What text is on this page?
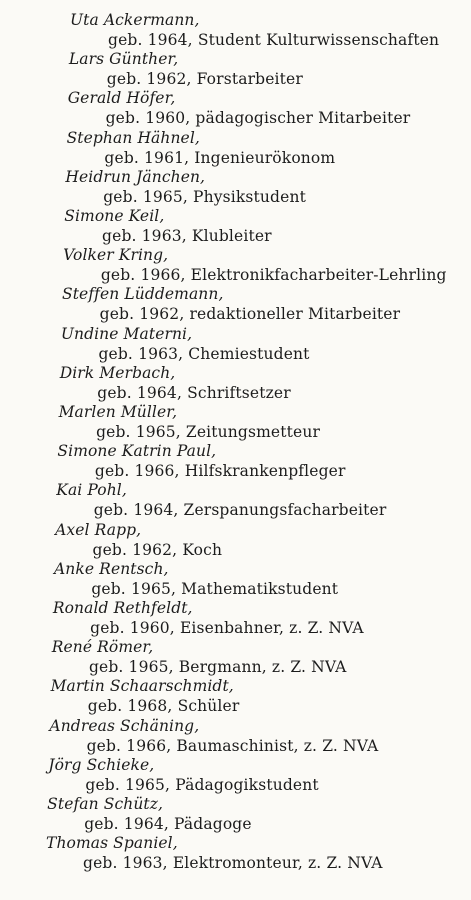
Uta Ackermann,
geb. 1964, Student Kulturwissenschaften
Lars Günther,
geb. 1962, Forstarbeiter
Gerald Höfer,
geb. 1960, pädagogischer Mitarbeiter
Stephan Hähnel,
geb. 1961, Ingenieurökonom
Heidrun Jänchen,
geb. 1965, Physikstudent
Simone Keil,
geb. 1963, Klubleiter
Volker Kring,
geb. 1966, Elektronikfacharbeiter-Lehrling
Steffen Lüddemann,
geb. 1962, redaktioneller Mitarbeiter
Undine Materni,
geb. 1963, Chemiestudent
Dirk Merbach,
geb. 1964, Schriftsetzer
Marlen Müller,
geb. 1965, Zeitungsmetteur
Simone Katrin Paul,
geb. 1966, Hilfskrankenpfleger
Kai Pohl,
geb. 1964, Zerspanungsfacharbeiter
Axel Rapp,
geb. 1962, Koch
Anke Rentsch,
geb. 1965, Mathematikstudent
Ronald Rethfeldt,
geb. 1960, Eisenbahner, z. Z. NVA
René Römer,
geb. 1965, Bergmann, z. Z. NVA
Martin Schaarschmidt,
geb. 1968, Schüler
Andreas Schäning,
geb. 1966, Baumaschinist, z. Z. NVA
Jörg Schieke,
geb. 1965, Pädagogikstudent
Stefan Schütz,
geb. 1964, Pädagoge
Thomas Spaniel,
geb. 1963, Elektromonteur, z. Z. NVA
